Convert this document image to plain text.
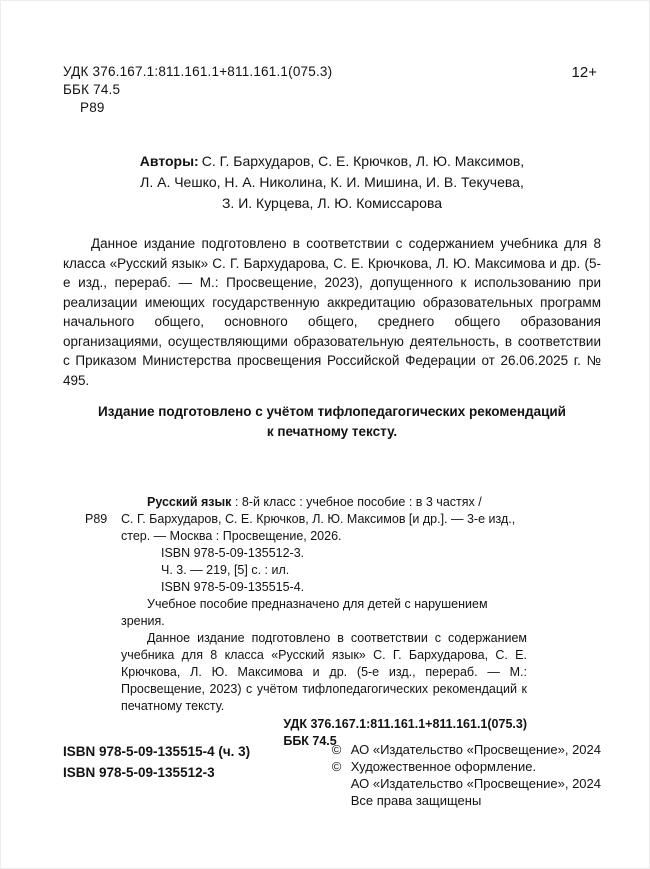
УДК 376.167.1:811.161.1+811.161.1(075.3)
ББК 74.5
Р89
12+
Авторы: С. Г. Бархударов, С. Е. Крючков, Л. Ю. Максимов,
Л. А. Чешко, Н. А. Николина, К. И. Мишина, И. В. Текучева,
З. И. Курцева, Л. Ю. Комиссарова

Данное издание подготовлено в соответствии с содержанием учебника для 8 класса «Русский язык» С. Г. Бархударова, С. Е. Крючкова, Л. Ю. Максимова и др. (5-е изд., перераб. — М.: Просвещение, 2023), допущенного к использованию при реализации имеющих государственную аккредитацию образовательных программ начального общего, основного общего, среднего общего образования организациями, осуществляющими образовательную деятельность, в соответствии с Приказом Министерства просвещения Российской Федерации от 26.06.2025 г. № 495.

Издание подготовлено с учётом тифлопедагогических рекомендаций
к печатному тексту.
Р89
Русский язык : 8-й класс : учебное пособие : в 3 частях /
С. Г. Бархударов, С. Е. Крючков, Л. Ю. Максимов [и др.]. — 3-е изд.,
стер. — Москва : Просвещение, 2026.
ISBN 978-5-09-135512-3.
Ч. 3. — 219, [5] с. : ил.
ISBN 978-5-09-135515-4.

Учебное пособие предназначено для детей с нарушением зрения.

Данное издание подготовлено в соответствии с содержанием учебника для 8 класса «Русский язык» С. Г. Бархударова, С. Е. Крючкова, Л. Ю. Максимова и др. (5-е изд., перераб. — М.: Просвещение, 2023) с учётом тифлопедагогических рекомендаций к печатному тексту.

УДК 376.167.1:811.161.1+811.161.1(075.3)
ББК 74.5
ISBN 978-5-09-135515-4 (ч. 3)
ISBN 978-5-09-135512-3
© АО «Издательство «Просвещение», 2024
© Художественное оформление.
АО «Издательство «Просвещение», 2024
Все права защищены
